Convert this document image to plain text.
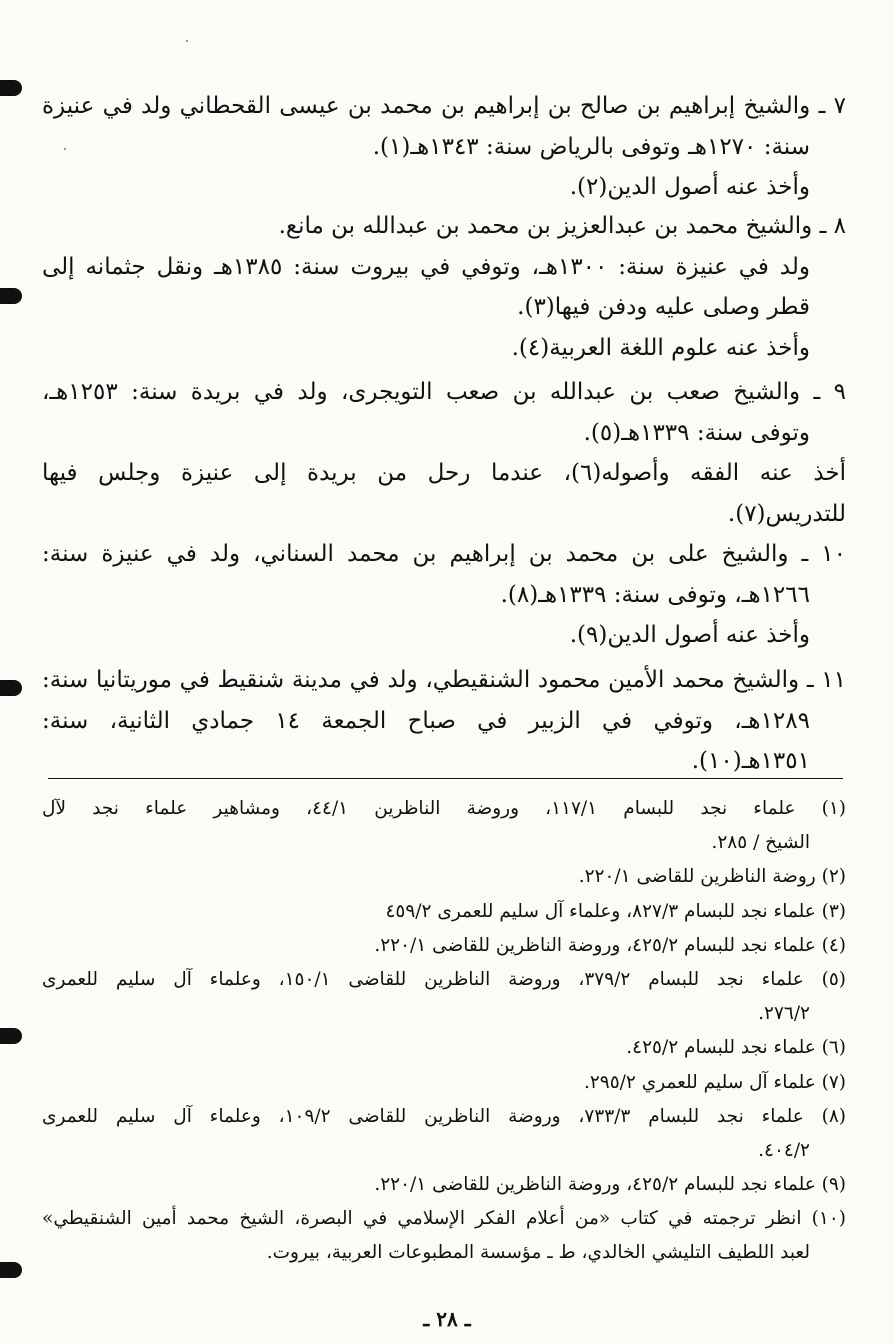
٧ ـ والشيخ إبراهيم بن صالح بن إبراهيم بن محمد بن عيسى القحطاني ولد في عنيزة
سنة: ١٢٧٠هـ وتوفى بالرياض سنة: ١٣٤٣هـ(١).
وأخذ عنه أصول الدين(٢).
٨ ـ والشيخ محمد بن عبدالعزيز بن محمد بن عبدالله بن مانع.
ولد في عنيزة سنة: ١٣٠٠هـ، وتوفي في بيروت سنة: ١٣٨٥هـ ونقل جثمانه إلى
قطر وصلى عليه ودفن فيها(٣).
وأخذ عنه علوم اللغة العربية(٤).
٩ ـ والشيخ صعب بن عبدالله بن صعب التويجرى، ولد في بريدة سنة: ١٢٥٣هـ،
وتوفى سنة: ١٣٣٩هـ(٥).
أخذ عنه الفقه وأصوله(٦)، عندما رحل من بريدة إلى عنيزة وجلس فيها
للتدريس(٧).
١٠ ـ والشيخ على بن محمد بن إبراهيم بن محمد السناني، ولد في عنيزة سنة:
١٢٦٦هـ، وتوفى سنة: ١٣٣٩هـ(٨).
وأخذ عنه أصول الدين(٩).
١١ ـ والشيخ محمد الأمين محمود الشنقيطي، ولد في مدينة شنقيط في موريتانيا سنة:
١٢٨٩هـ، وتوفي في الزبير في صباح الجمعة ١٤ جمادي الثانية، سنة:
١٣٥١هـ(١٠).
(١) علماء نجد للبسام ١١٧/١، وروضة الناظرين ٤٤/١، ومشاهير علماء نجد لآل
الشيخ / ٢٨٥.
(٢) روضة الناظرين للقاضى ٢٢٠/١.
(٣) علماء نجد للبسام ٨٢٧/٣، وعلماء آل سليم للعمرى ٤٥٩/٢
(٤) علماء نجد للبسام ٤٢٥/٢، وروضة الناظرين للقاضى ٢٢٠/١.
(٥) علماء نجد للبسام ٣٧٩/٢، وروضة الناظرين للقاضى ١٥٠/١، وعلماء آل سليم للعمرى
٢٧٦/٢.
(٦) علماء نجد للبسام ٤٢٥/٢.
(٧) علماء آل سليم للعمري ٢٩٥/٢.
(٨) علماء نجد للبسام ٧٣٣/٣، وروضة الناظرين للقاضى ١٠٩/٢، وعلماء آل سليم للعمرى
٤٠٤/٢.
(٩) علماء نجد للبسام ٤٢٥/٢، وروضة الناظرين للقاضى ٢٢٠/١.
(١٠) انظر ترجمته في كتاب «من أعلام الفكر الإسلامي في البصرة، الشيخ محمد أمين الشنقيطي»
لعبد اللطيف التليشي الخالدي، ط ـ مؤسسة المطبوعات العربية، بيروت.
ـ ٢٨ ـ
